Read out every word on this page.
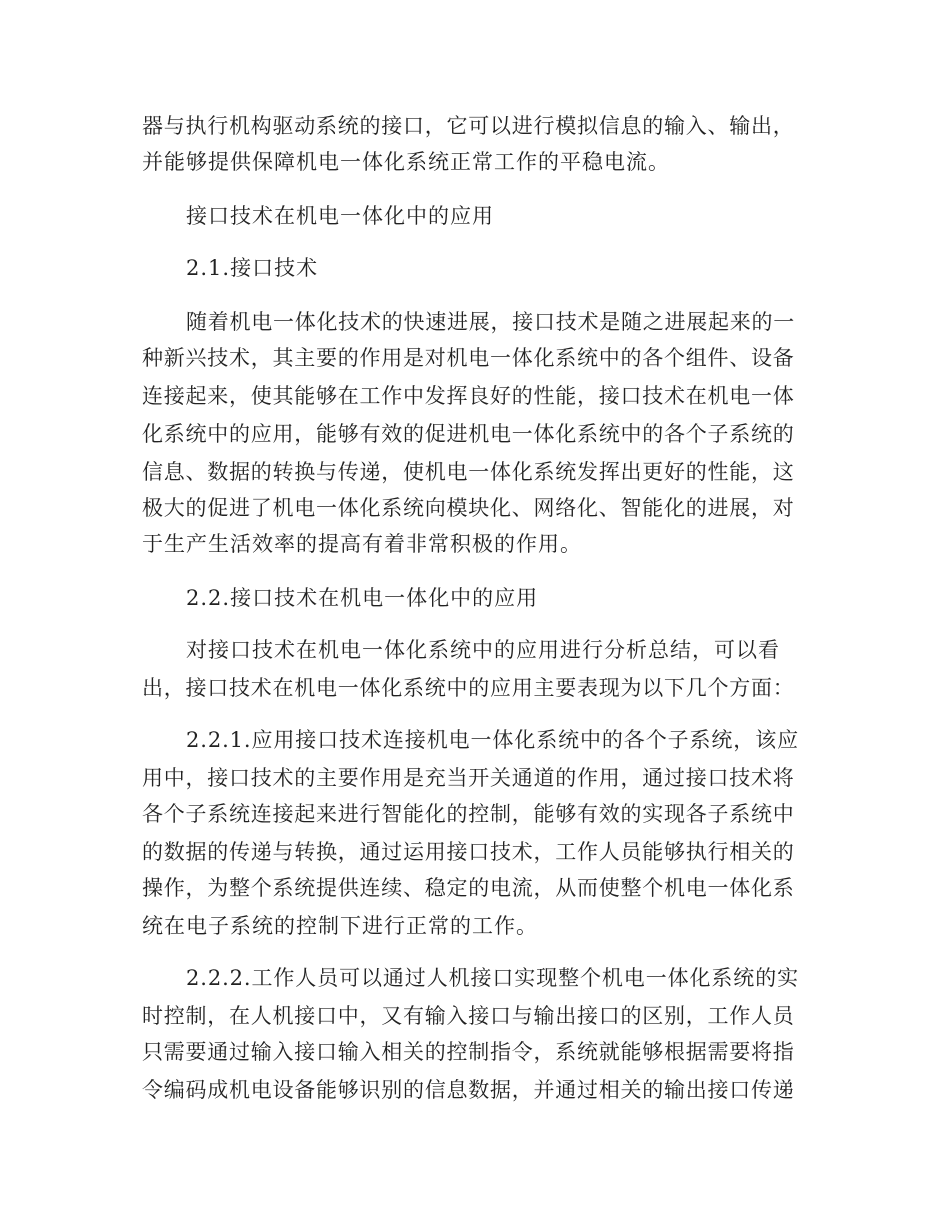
器与执行机构驱动系统的接口，它可以进行模拟信息的输入、输出，
并能够提供保障机电一体化系统正常工作的平稳电流。
接口技术在机电一体化中的应用
2.1.接口技术
随着机电一体化技术的快速进展，接口技术是随之进展起来的一
种新兴技术，其主要的作用是对机电一体化系统中的各个组件、设备
连接起来，使其能够在工作中发挥良好的性能，接口技术在机电一体
化系统中的应用，能够有效的促进机电一体化系统中的各个子系统的
信息、数据的转换与传递，使机电一体化系统发挥出更好的性能，这
极大的促进了机电一体化系统向模块化、网络化、智能化的进展，对
于生产生活效率的提高有着非常积极的作用。
2.2.接口技术在机电一体化中的应用
对接口技术在机电一体化系统中的应用进行分析总结，可以看
出，接口技术在机电一体化系统中的应用主要表现为以下几个方面：
2.2.1.应用接口技术连接机电一体化系统中的各个子系统，该应
用中，接口技术的主要作用是充当开关通道的作用，通过接口技术将
各个子系统连接起来进行智能化的控制，能够有效的实现各子系统中
的数据的传递与转换，通过运用接口技术，工作人员能够执行相关的
操作，为整个系统提供连续、稳定的电流，从而使整个机电一体化系
统在电子系统的控制下进行正常的工作。
2.2.2.工作人员可以通过人机接口实现整个机电一体化系统的实
时控制，在人机接口中，又有输入接口与输出接口的区别，工作人员
只需要通过输入接口输入相关的控制指令，系统就能够根据需要将指
令编码成机电设备能够识别的信息数据，并通过相关的输出接口传递
